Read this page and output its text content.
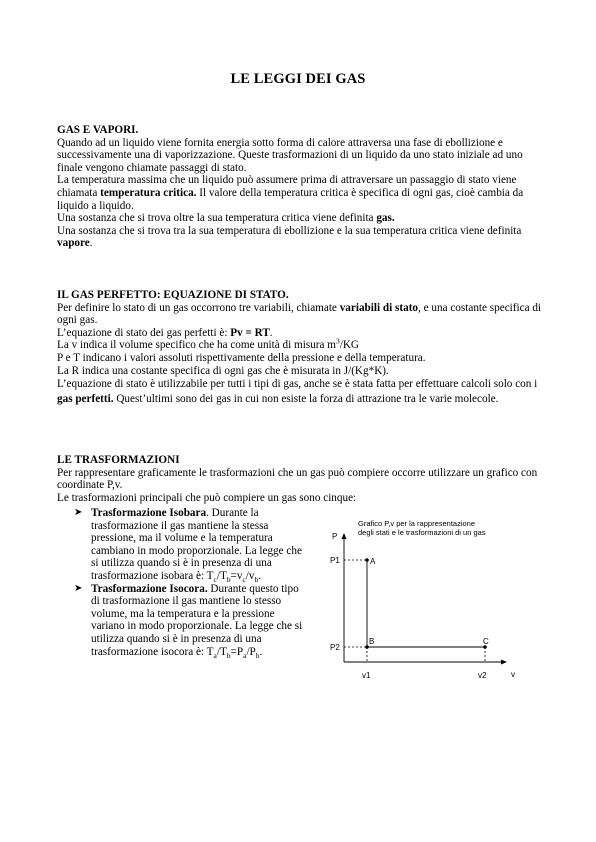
LE LEGGI DEI GAS

GAS E VAPORI.

Quando ad un liquido viene fornita energia sotto forma di calore attraversa una fase di ebollizione e successivamente una di vaporizzazione. Queste trasformazioni di un liquido da uno stato iniziale ad uno finale vengono chiamate passaggi di stato.

La temperatura massima che un liquido può assumere prima di attraversare un passaggio di stato viene chiamata temperatura critica. Il valore della temperatura critica è specifica di ogni gas, cioè cambia da liquido a liquido.

Una sostanza che si trova oltre la sua temperatura critica viene definita gas.

Una sostanza che si trova tra la sua temperatura di ebollizione e la sua temperatura critica viene definita vapore.

IL GAS PERFETTO: EQUAZIONE DI STATO.

Per definire lo stato di un gas occorrono tre variabili, chiamate variabili di stato, e una costante specifica di ogni gas.

L’equazione di stato dei gas perfetti è: Pv = RT.

La v indica il volume specifico che ha come unità di misura $m^3/KG$

P e T indicano i valori assoluti rispettivamente della pressione e della temperatura.

La R indica una costante specifica di ogni gas che è misurata in J/(Kg*K).

L’equazione di stato è utilizzabile per tutti i tipi di gas, anche se è stata fatta per effettuare calcoli solo con i gas perfetti. Quest’ultimi sono dei gas in cui non esiste la forza di attrazione tra le varie molecole.

LE TRASFORMAZIONI

Per rappresentare graficamente le trasformazioni che un gas può compiere occorre utilizzare un grafico con coordinate P,v.

Le trasformazioni principali che può compiere un gas sono cinque:

➤ Trasformazione Isobara. Durante la trasformazione il gas mantiene la stessa pressione, ma il volume e la temperatura cambiano in modo proporzionale. La legge che si utilizza quando si è in presenza di una trasformazione isobara è: $T_c/T_b=v_c/v_b$.

➤ Trasformazione Isocora. Durante questo tipo di trasformazione il gas mantiene lo stesso volume, ma la temperatura e la pressione variano in modo proporzionale. La legge che si utilizza quando si è in presenza di una trasformazione isocora è: $T_a/T_b=P_a/P_b$.

Grafico P,v per la rappresentazione
degli stati e le trasformazioni di un gas
P
v
P1
P2
v1	v2
A
B	C
